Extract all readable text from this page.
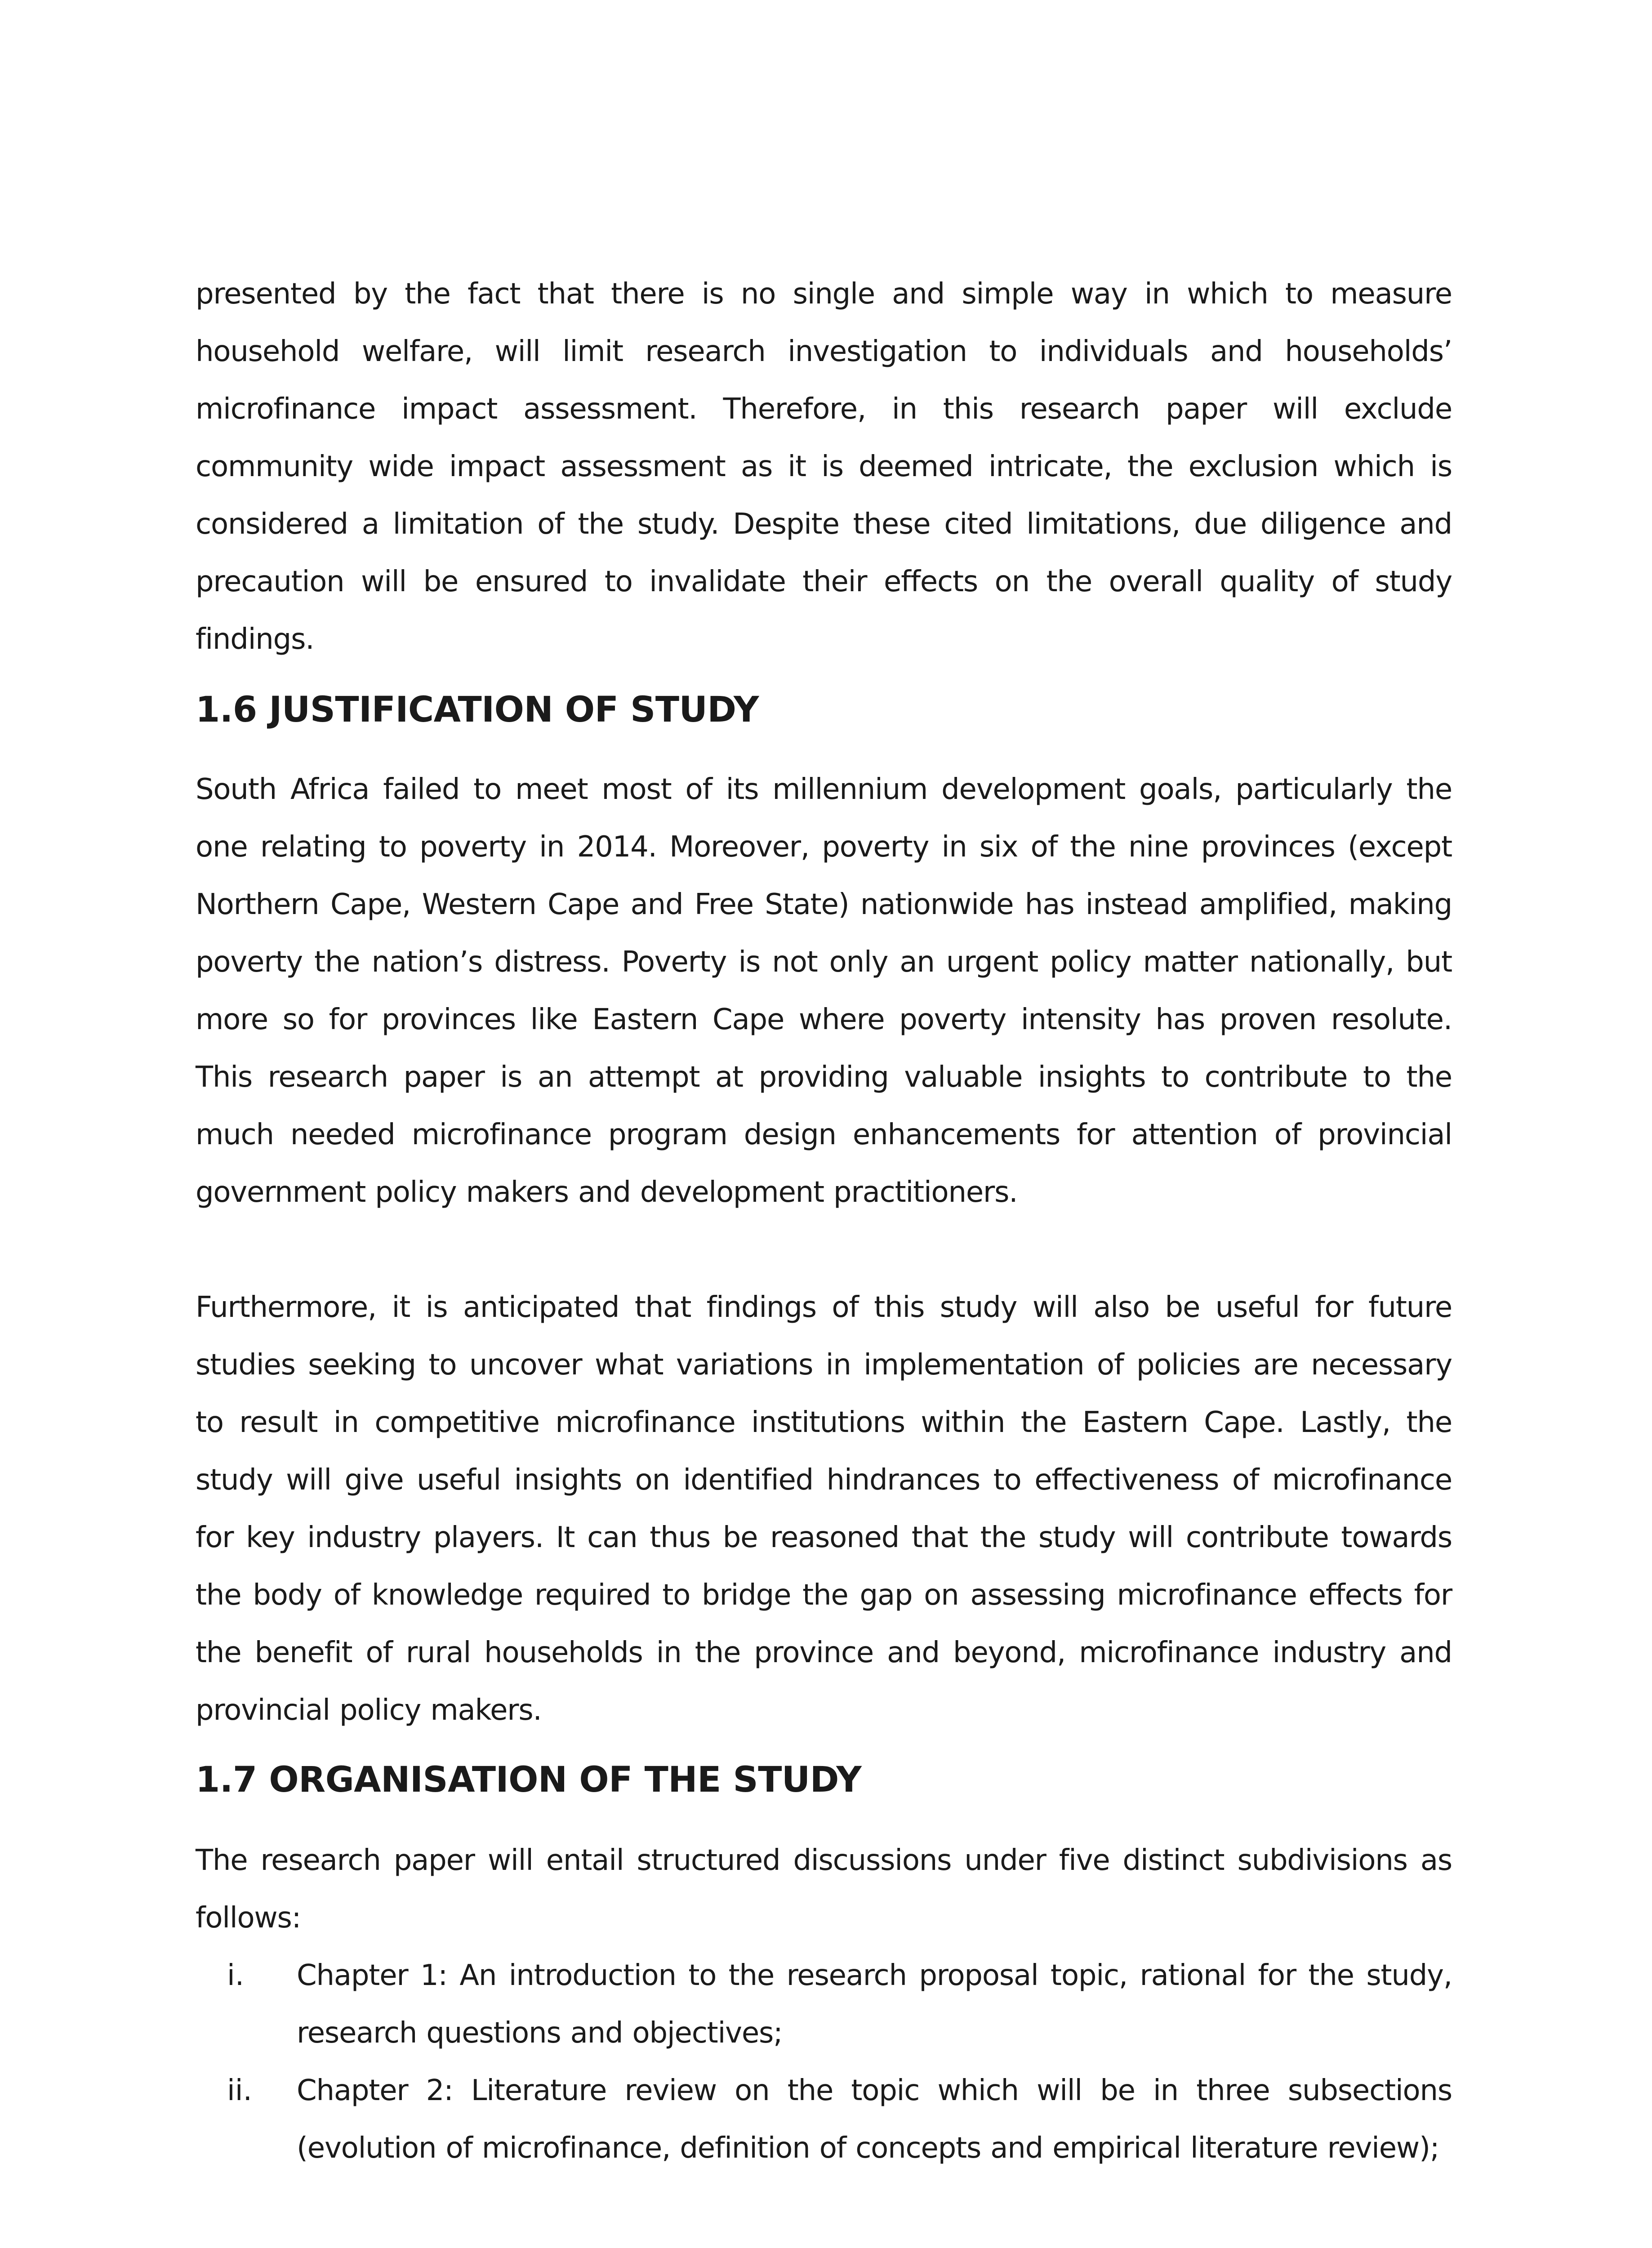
presented by the fact that there is no single and simple way in which to measure household welfare, will limit research investigation to individuals and households’ microfinance impact assessment. Therefore, in this research paper will exclude community wide impact assessment as it is deemed intricate, the exclusion which is considered a limitation of the study. Despite these cited limitations, due diligence and precaution will be ensured to invalidate their effects on the overall quality of study findings.

1.6 JUSTIFICATION OF STUDY

South Africa failed to meet most of its millennium development goals, particularly the one relating to poverty in 2014. Moreover, poverty in six of the nine provinces (except Northern Cape, Western Cape and Free State) nationwide has instead amplified, making poverty the nation’s distress. Poverty is not only an urgent policy matter nationally, but more so for provinces like Eastern Cape where poverty intensity has proven resolute. This research paper is an attempt at providing valuable insights to contribute to the much needed microfinance program design enhancements for attention of provincial government policy makers and development practitioners.

Furthermore, it is anticipated that findings of this study will also be useful for future studies seeking to uncover what variations in implementation of policies are necessary to result in competitive microfinance institutions within the Eastern Cape. Lastly, the study will give useful insights on identified hindrances to effectiveness of microfinance for key industry players. It can thus be reasoned that the study will contribute towards the body of knowledge required to bridge the gap on assessing microfinance effects for the benefit of rural households in the province and beyond, microfinance industry and provincial policy makers.

1.7 ORGANISATION OF THE STUDY

The research paper will entail structured discussions under five distinct subdivisions as follows:

i.	Chapter 1: An introduction to the research proposal topic, rational for the study, research questions and objectives;
ii.	Chapter 2: Literature review on the topic which will be in three subsections (evolution of microfinance, definition of concepts and empirical literature review);
